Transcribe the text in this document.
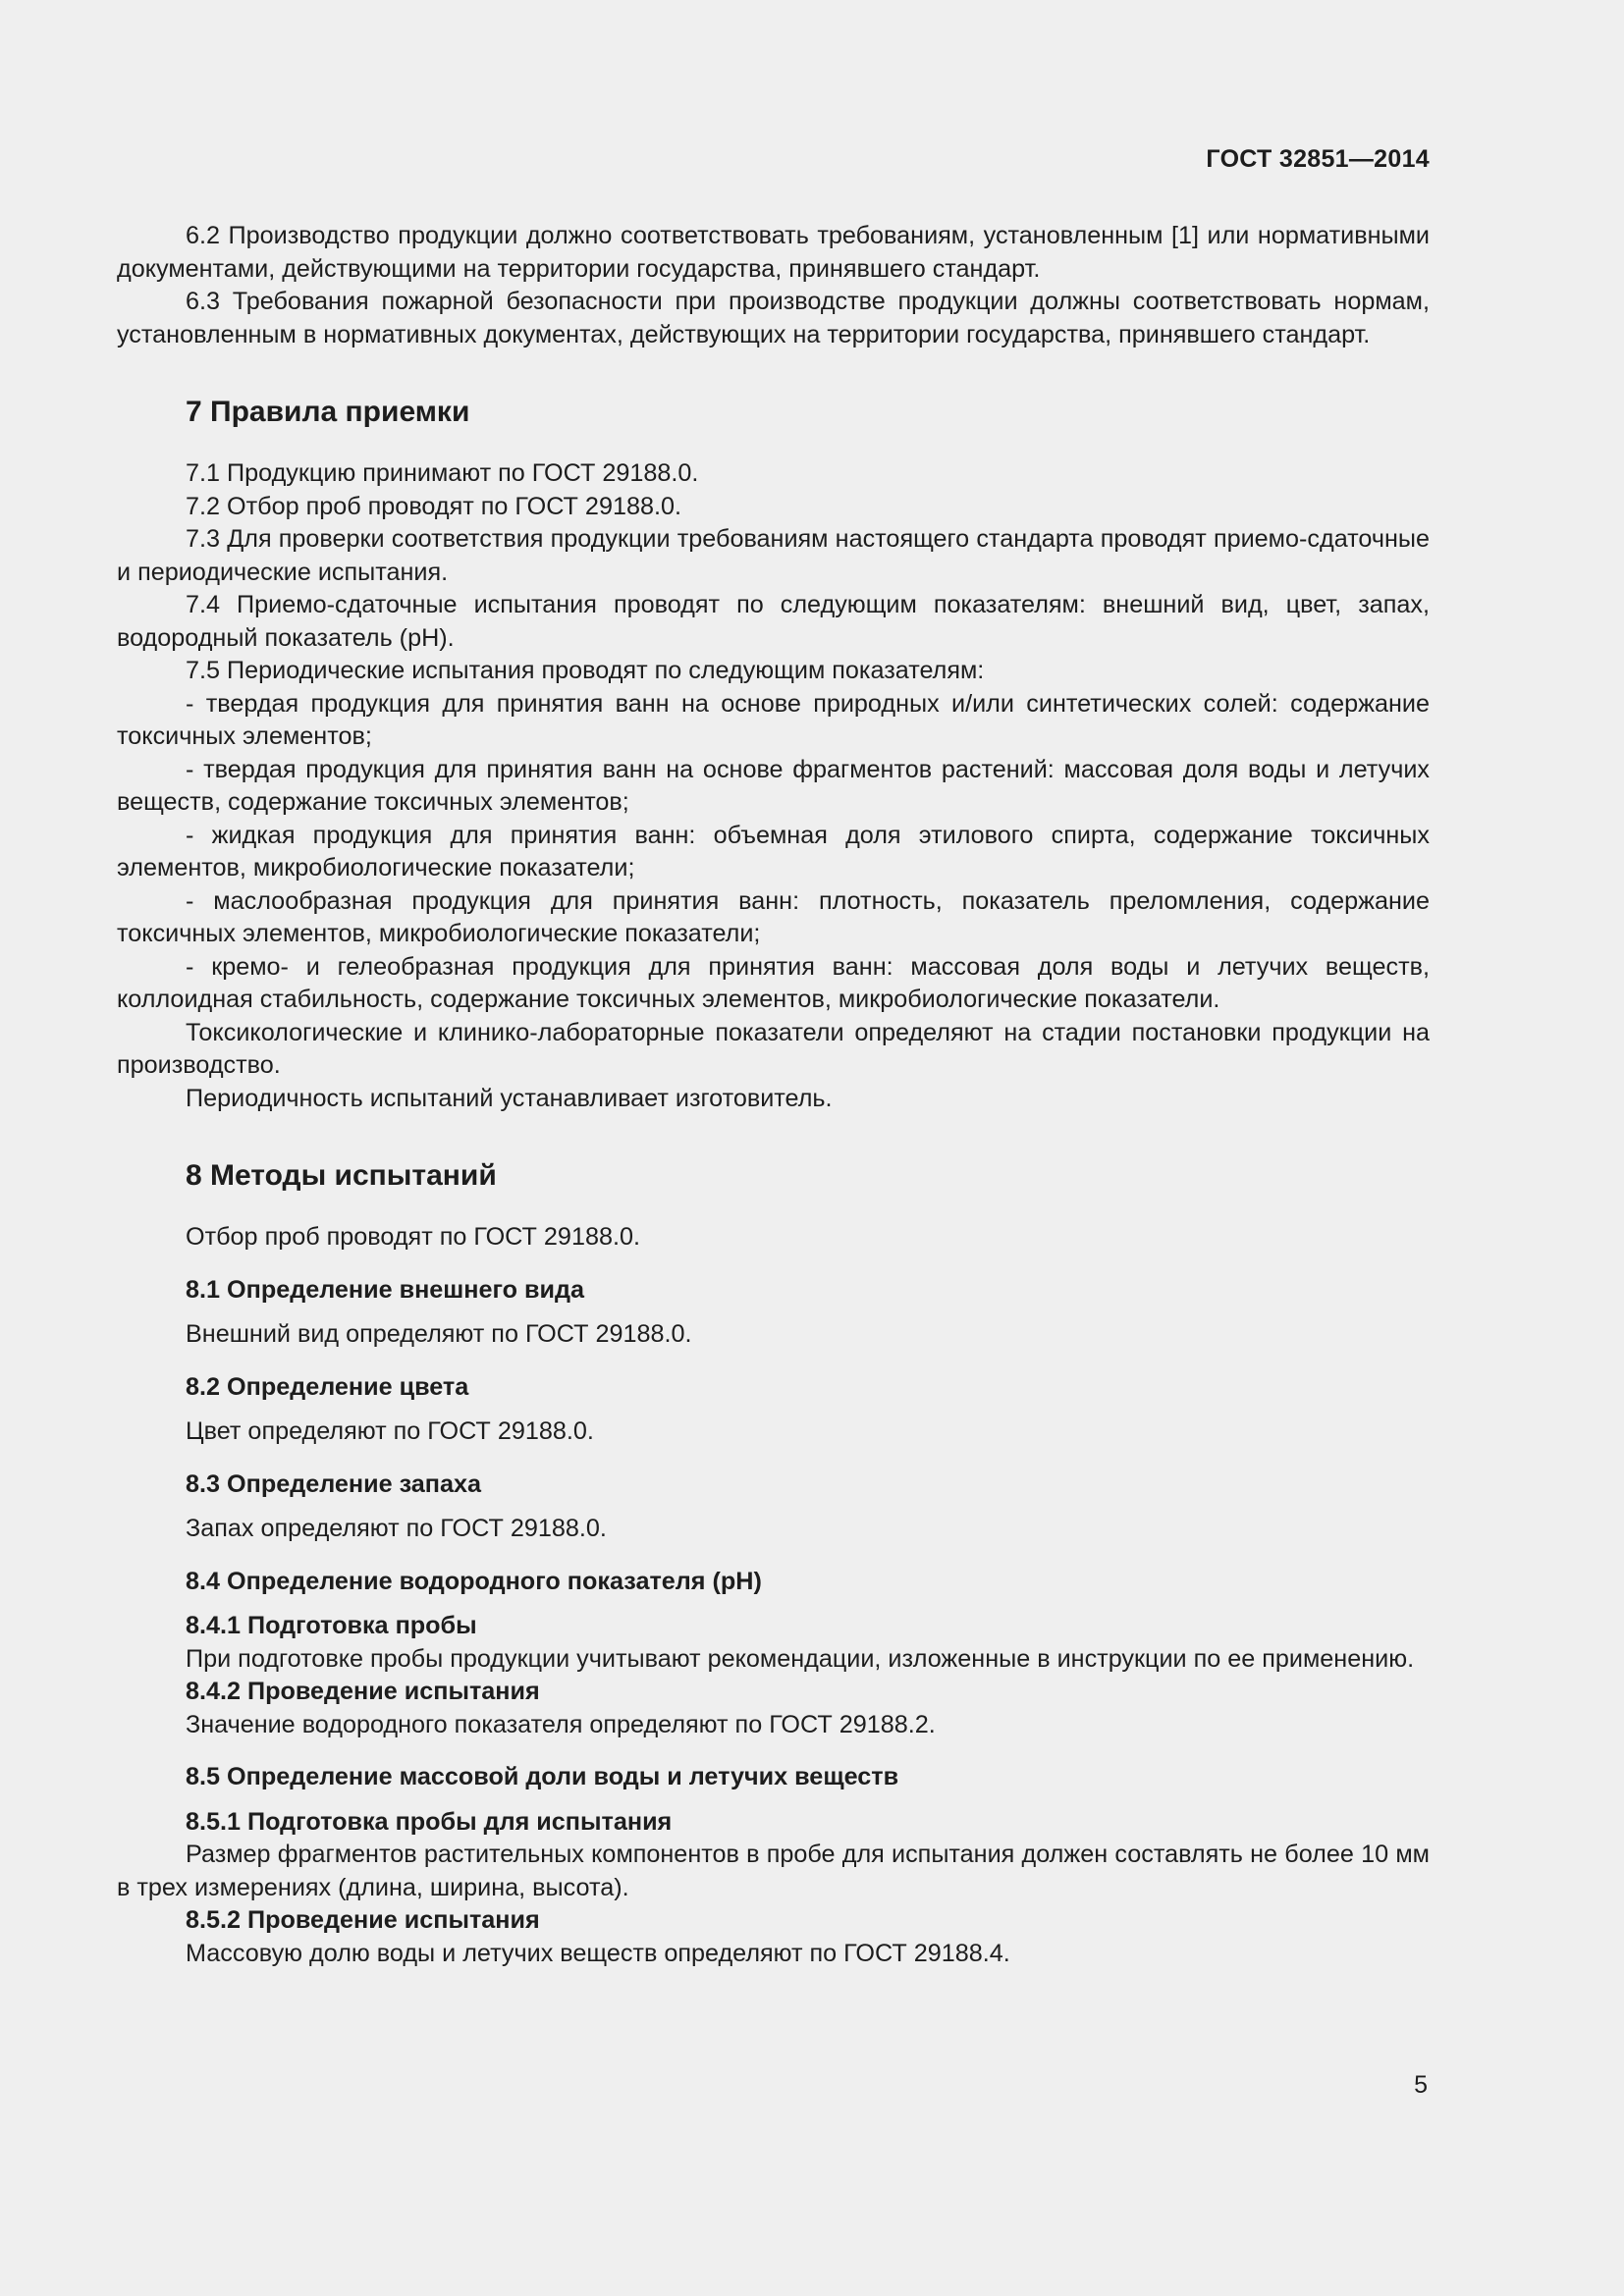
ГОСТ 32851—2014

6.2 Производство продукции должно соответствовать требованиям, установленным [1] или нормативными документами, действующими на территории государства, принявшего стандарт.

6.3 Требования пожарной безопасности при производстве продукции должны соответствовать нормам, установленным в нормативных документах, действующих на территории государства, принявшего стандарт.

7 Правила приемки

7.1 Продукцию принимают по ГОСТ 29188.0.

7.2 Отбор проб проводят по ГОСТ 29188.0.

7.3 Для проверки соответствия продукции требованиям настоящего стандарта проводят приемо-сдаточные и периодические испытания.

7.4 Приемо-сдаточные испытания проводят по следующим показателям: внешний вид, цвет, запах, водородный показатель (pH).

7.5 Периодические испытания проводят по следующим показателям:

- твердая продукция для принятия ванн на основе природных и/или синтетических солей: содержание токсичных элементов;

- твердая продукция для принятия ванн на основе фрагментов растений: массовая доля воды и летучих веществ, содержание токсичных элементов;

- жидкая продукция для принятия ванн: объемная доля этилового спирта, содержание токсичных элементов, микробиологические показатели;

- маслообразная продукция для принятия ванн: плотность, показатель преломления, содержание токсичных элементов, микробиологические показатели;

- кремо- и гелеобразная продукция для принятия ванн: массовая доля воды и летучих веществ, коллоидная стабильность, содержание токсичных элементов, микробиологические показатели.

Токсикологические и клинико-лабораторные показатели определяют на стадии постановки продукции на производство.

Периодичность испытаний устанавливает изготовитель.

8 Методы испытаний

Отбор проб проводят по ГОСТ 29188.0.

8.1 Определение внешнего вида

Внешний вид определяют по ГОСТ 29188.0.

8.2 Определение цвета

Цвет определяют по ГОСТ 29188.0.

8.3 Определение запаха

Запах определяют по ГОСТ 29188.0.

8.4 Определение водородного показателя (pH)
8.4.1 Подготовка пробы

При подготовке пробы продукции учитывают рекомендации, изложенные в инструкции по ее применению.

8.4.2 Проведение испытания

Значение водородного показателя определяют по ГОСТ 29188.2.

8.5 Определение массовой доли воды и летучих веществ
8.5.1 Подготовка пробы для испытания

Размер фрагментов растительных компонентов в пробе для испытания должен составлять не более 10 мм в трех измерениях (длина, ширина, высота).

8.5.2 Проведение испытания

Массовую долю воды и летучих веществ определяют по ГОСТ 29188.4.

5
